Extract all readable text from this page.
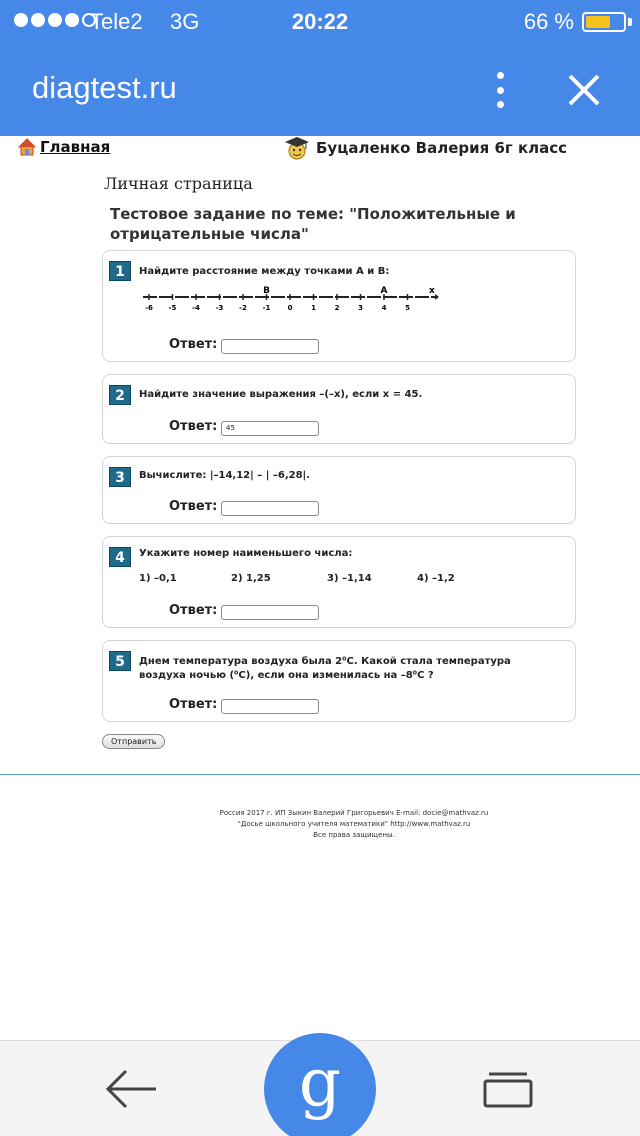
Tele2 3G	20:22	66 %
diagtest.ru
Главная	Буцаленко Валерия 6г класс
Личная страница
Тестовое задание по теме: "Положительные и отрицательные числа"
1	Найдите расстояние между точками А и В:
x
-6 -5 -4 -3 -2 -1 0	1	2	3	4	5
B	A
Ответ:
2	Найдите значение выражения –(–x), если x = 45.
Ответ:	45
3	Вычислите: |–14,12| – | –6,28|.
Ответ:
4	Укажите номер наименьшего числа:
1) –0,1	2) 1,25	3) –1,14	4) –1,2
Ответ:
5	Днем температура воздуха была 2⁰С. Какой стала температура
воздуха ночью (⁰С), если она изменилась на –8⁰С ?
Ответ:
Отправить
Россия 2017 г. ИП Зыкин Валерий Григорьевич E-mail: docie@mathvaz.ru
"Досье школьного учителя математики" http://www.mathvaz.ru
Все права защищены.
g
